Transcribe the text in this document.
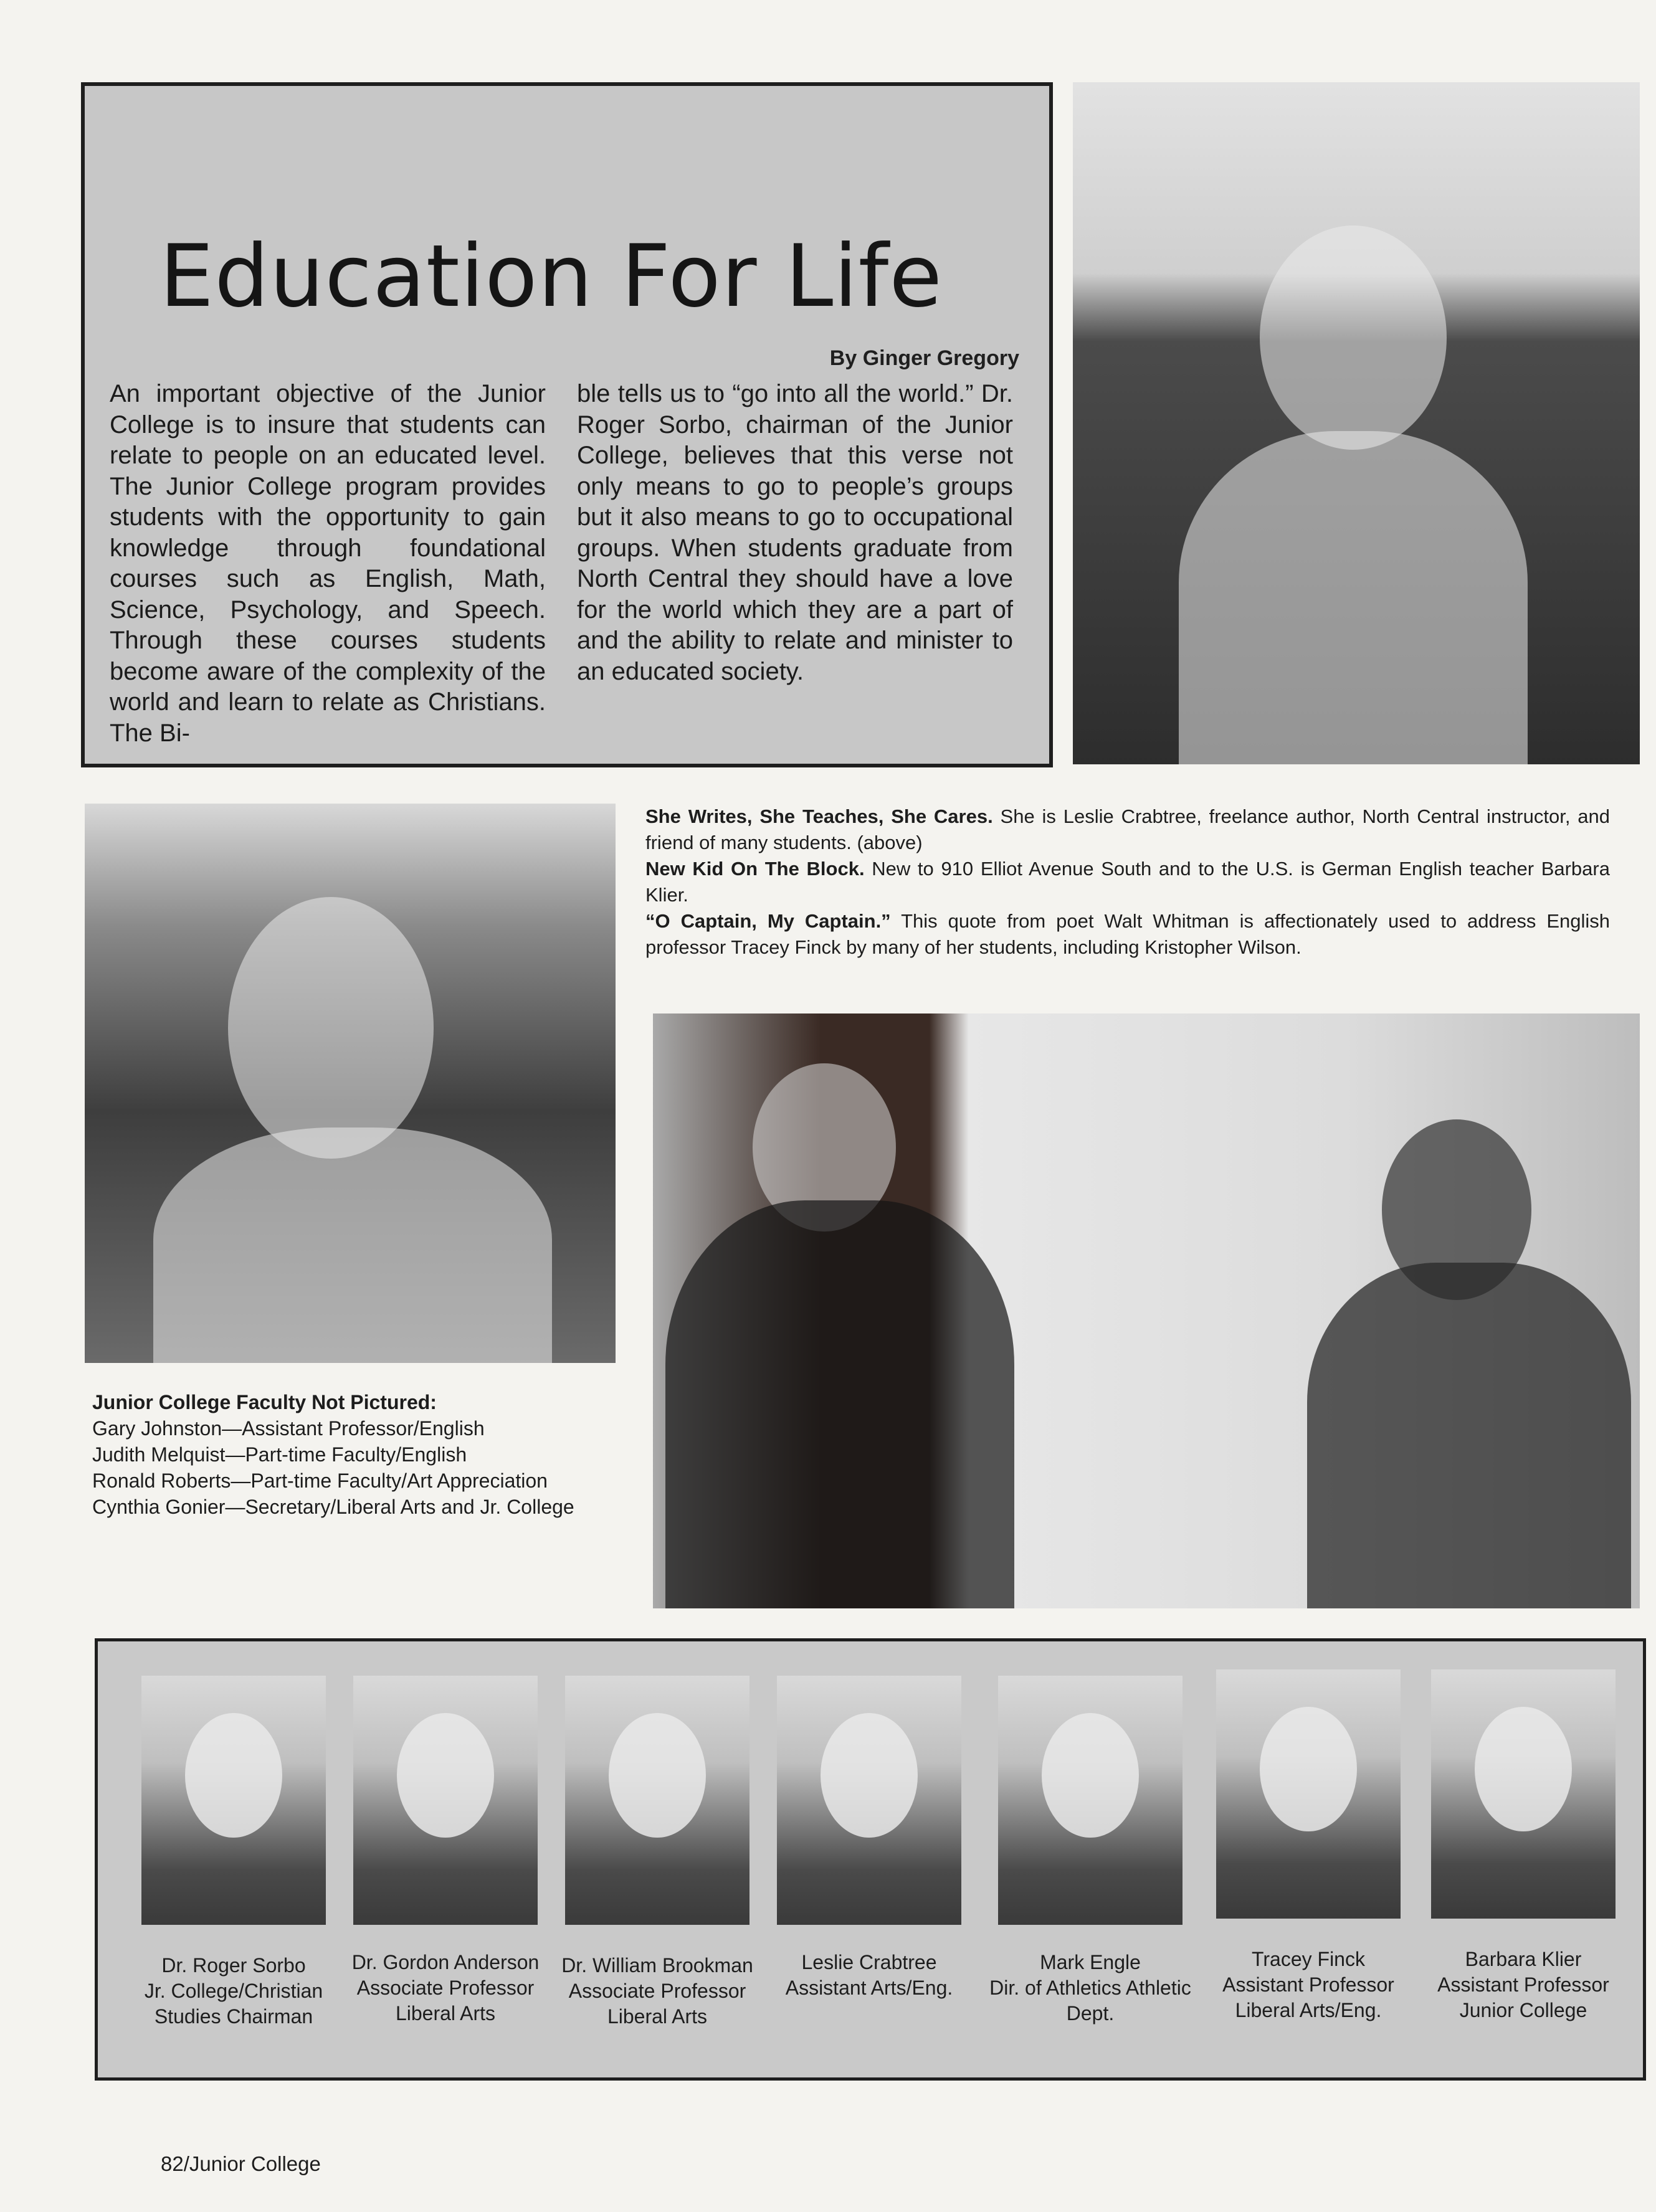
Education For Life
By Ginger Gregory

An important objective of the Junior College is to insure that students can relate to people on an educated level. The Junior College program provides students with the opportunity to gain knowledge through foundational courses such as English, Math, Science, Psychology, and Speech. Through these courses students become aware of the complexity of the world and learn to relate as Christians. The Bi-

ble tells us to “go into all the world.” Dr. Roger Sorbo, chairman of the Junior College, believes that this verse not only means to go to people’s groups but it also means to go to occupational groups. When students graduate from North Central they should have a love for the world which they are a part of and the ability to relate and minister to an educated society.

She Writes, She Teaches, She Cares. She is Leslie Crabtree, freelance author, North Central instructor, and friend of many students. (above)

New Kid On The Block. New to 910 Elliot Avenue South and to the U.S. is German English teacher Barbara Klier.

“O Captain, My Captain.” This quote from poet Walt Whitman is affectionately used to address English professor Tracey Finck by many of her students, including Kristopher Wilson.

Junior College Faculty Not Pictured:
Gary Johnston—Assistant Professor/English
Judith Melquist—Part-time Faculty/English
Ronald Roberts—Part-time Faculty/Art Appreciation
Cynthia Gonier—Secretary/Liberal Arts and Jr. College
Dr. Roger Sorbo
Jr. College/Christian Studies Chairman
Dr. Gordon Anderson
Associate Professor Liberal Arts
Dr. William Brookman
Associate Professor Liberal Arts
Leslie Crabtree
Assistant Arts/Eng.
Mark Engle
Dir. of Athletics Athletic Dept.
Tracey Finck
Assistant Professor Liberal Arts/Eng.
Barbara Klier
Assistant Professor Junior College
82/Junior College
